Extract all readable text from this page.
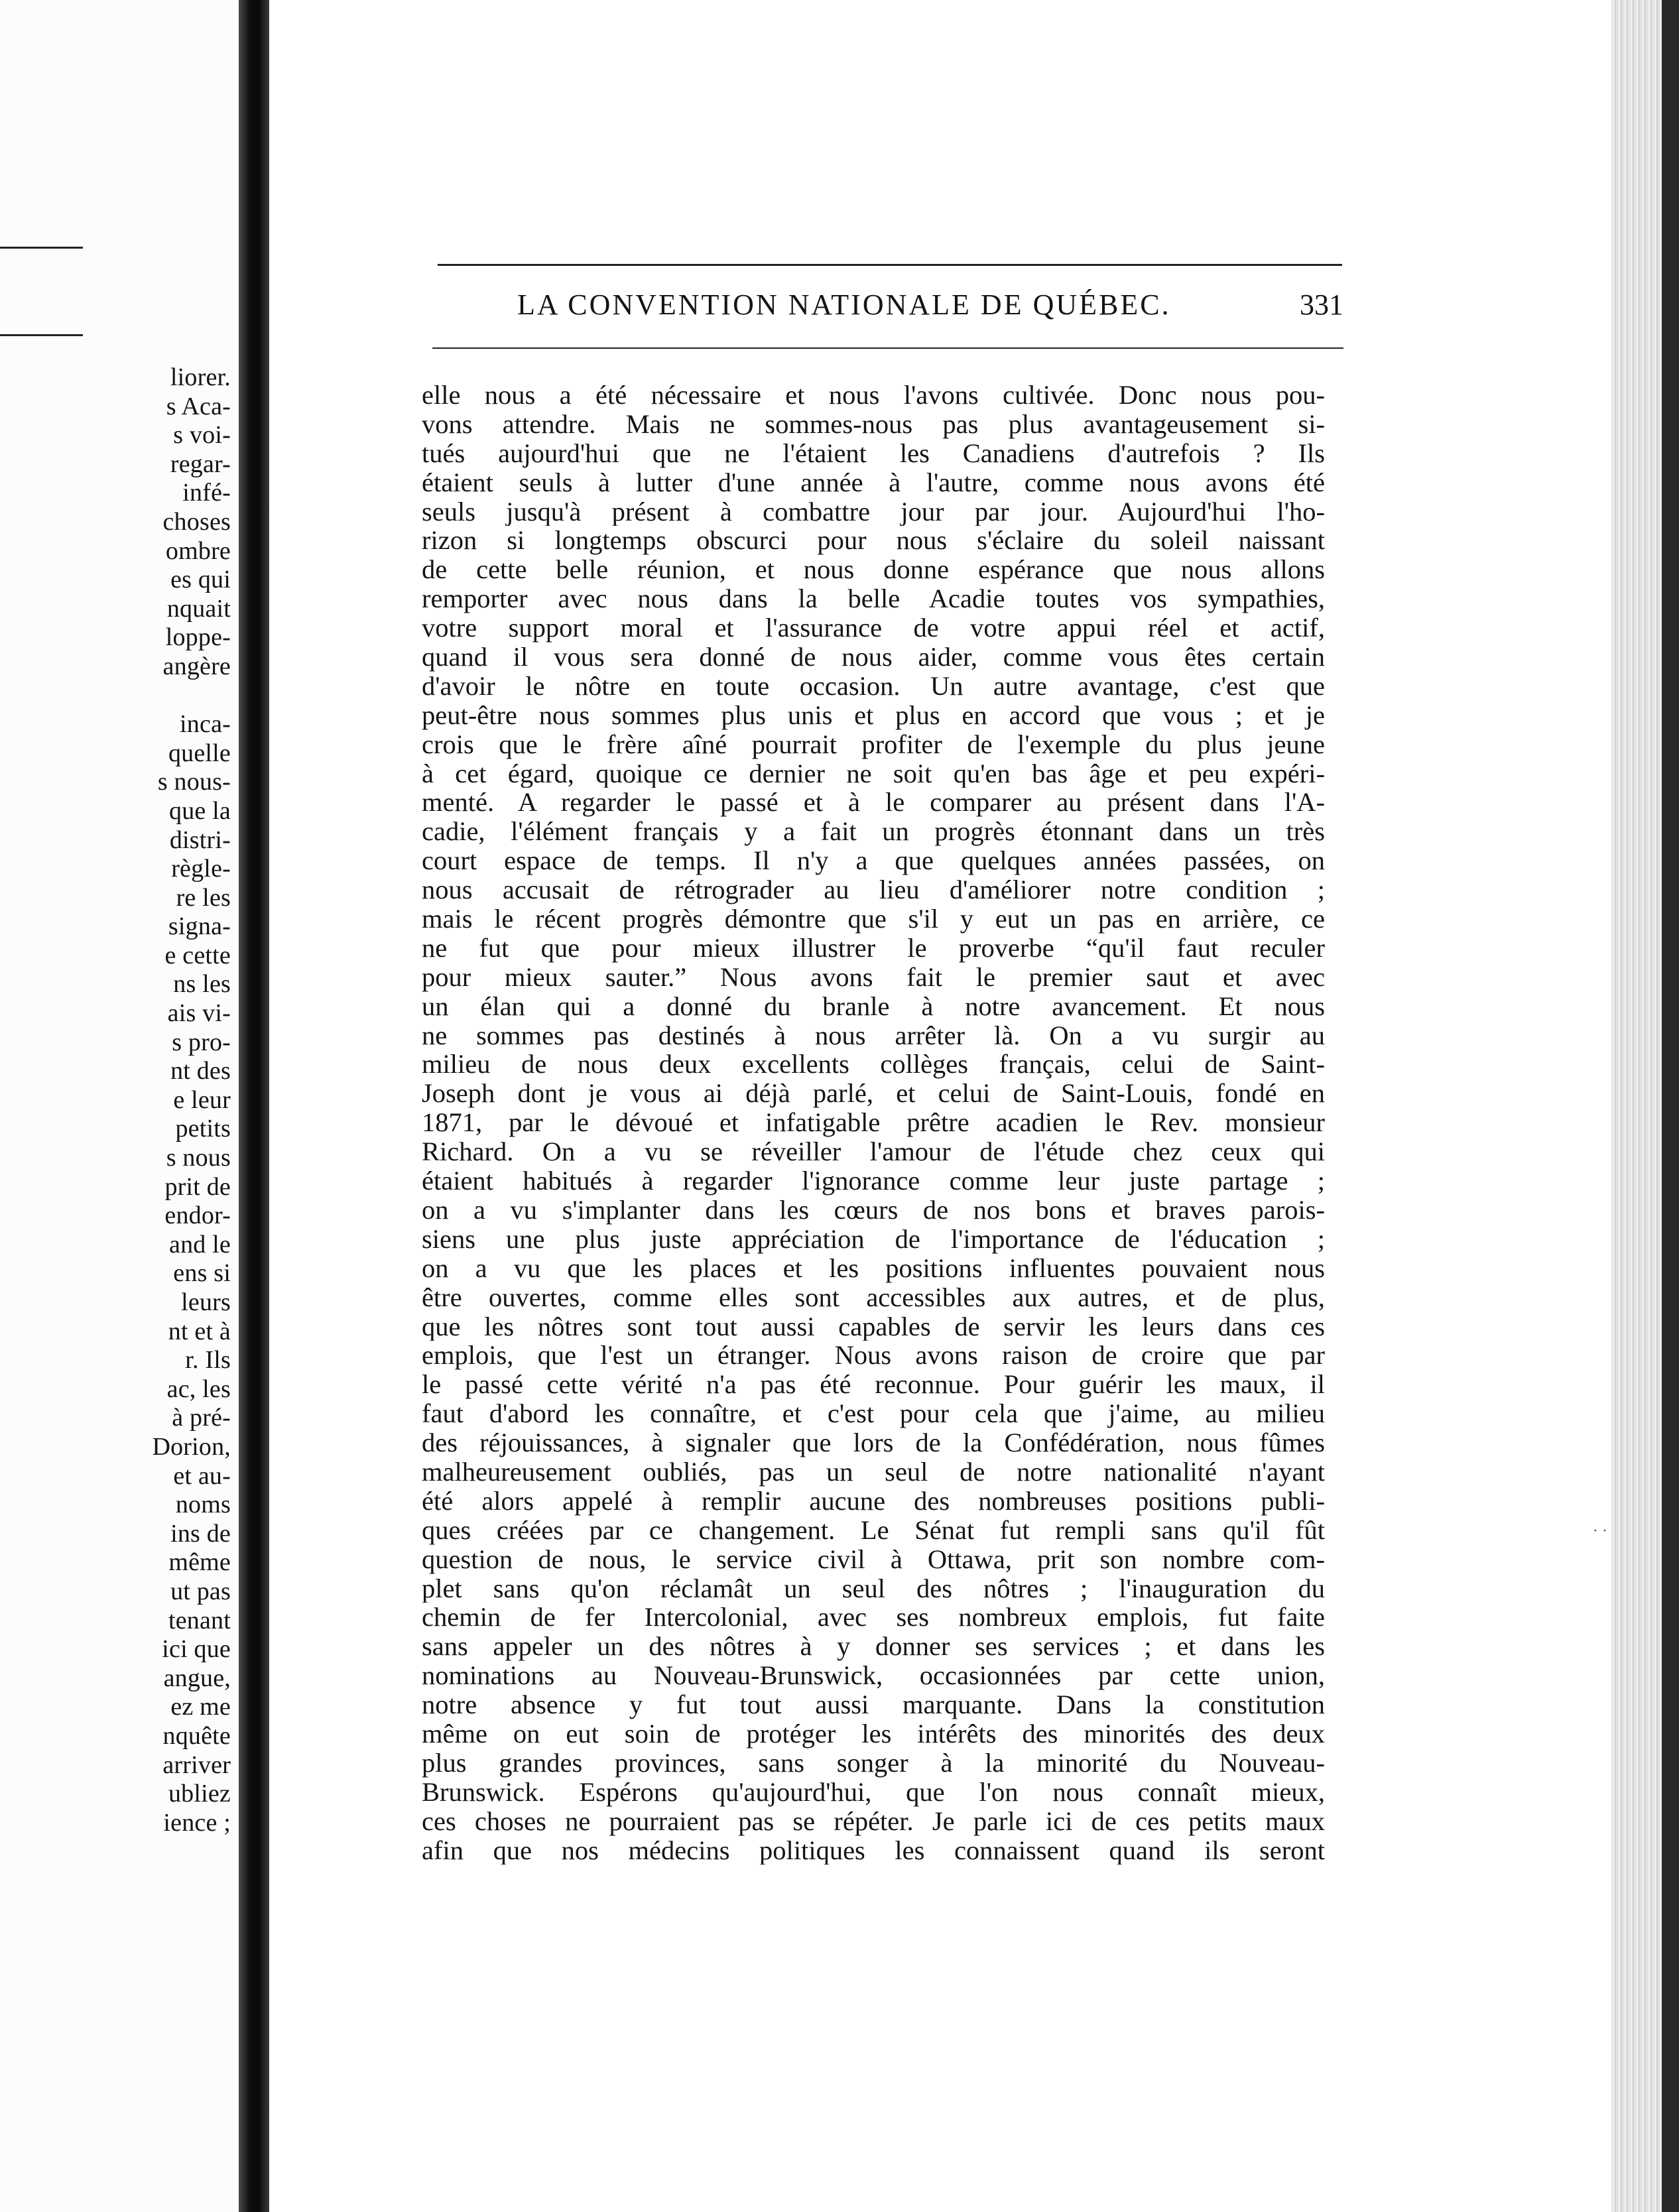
liorer.
s Aca-
s voi-
regar-
infé-
choses
ombre
es qui
nquait
loppe-
angère
inca-
quelle
s nous-
que la
distri-
règle-
re les
signa-
e cette
ns les
ais vi-
s pro-
nt des
e leur
petits
s nous
prit de
endor-
and le
ens si
leurs
nt et à
r. Ils
ac, les
à pré-
Dorion,
et au-
noms
ins de
même
ut pas
tenant
ici que
angue,
ez me
nquête
arriver
ubliez
ience ;
· ·
LA CONVENTION NATIONALE DE QUÉBEC.	331
elle nous a été nécessaire et nous l'avons cultivée. Donc nous pou-
vons attendre. Mais ne sommes-nous pas plus avantageusement si-
tués aujourd'hui que ne l'étaient les Canadiens d'autrefois ? Ils
étaient seuls à lutter d'une année à l'autre, comme nous avons été
seuls jusqu'à présent à combattre jour par jour. Aujourd'hui l'ho-
rizon si longtemps obscurci pour nous s'éclaire du soleil naissant
de cette belle réunion, et nous donne espérance que nous allons
remporter avec nous dans la belle Acadie toutes vos sympathies,
votre support moral et l'assurance de votre appui réel et actif,
quand il vous sera donné de nous aider, comme vous êtes certain
d'avoir le nôtre en toute occasion. Un autre avantage, c'est que
peut-être nous sommes plus unis et plus en accord que vous ; et je
crois que le frère aîné pourrait profiter de l'exemple du plus jeune
à cet égard, quoique ce dernier ne soit qu'en bas âge et peu expéri-
menté. A regarder le passé et à le comparer au présent dans l'A-
cadie, l'élément français y a fait un progrès étonnant dans un très
court espace de temps. Il n'y a que quelques années passées, on
nous accusait de rétrograder au lieu d'améliorer notre condition ;
mais le récent progrès démontre que s'il y eut un pas en arrière, ce
ne fut que pour mieux illustrer le proverbe “qu'il faut reculer
pour mieux sauter.” Nous avons fait le premier saut et avec
un élan qui a donné du branle à notre avancement. Et nous
ne sommes pas destinés à nous arrêter là. On a vu surgir au
milieu de nous deux excellents collèges français, celui de Saint-
Joseph dont je vous ai déjà parlé, et celui de Saint-Louis, fondé en
1871, par le dévoué et infatigable prêtre acadien le Rev. monsieur
Richard. On a vu se réveiller l'amour de l'étude chez ceux qui
étaient habitués à regarder l'ignorance comme leur juste partage ;
on a vu s'implanter dans les cœurs de nos bons et braves parois-
siens une plus juste appréciation de l'importance de l'éducation ;
on a vu que les places et les positions influentes pouvaient nous
être ouvertes, comme elles sont accessibles aux autres, et de plus,
que les nôtres sont tout aussi capables de servir les leurs dans ces
emplois, que l'est un étranger. Nous avons raison de croire que par
le passé cette vérité n'a pas été reconnue. Pour guérir les maux, il
faut d'abord les connaître, et c'est pour cela que j'aime, au milieu
des réjouissances, à signaler que lors de la Confédération, nous fûmes
malheureusement oubliés, pas un seul de notre nationalité n'ayant
été alors appelé à remplir aucune des nombreuses positions publi-
ques créées par ce changement. Le Sénat fut rempli sans qu'il fût
question de nous, le service civil à Ottawa, prit son nombre com-
plet sans qu'on réclamât un seul des nôtres ; l'inauguration du
chemin de fer Intercolonial, avec ses nombreux emplois, fut faite
sans appeler un des nôtres à y donner ses services ; et dans les
nominations au Nouveau-Brunswick, occasionnées par cette union,
notre absence y fut tout aussi marquante. Dans la constitution
même on eut soin de protéger les intérêts des minorités des deux
plus grandes provinces, sans songer à la minorité du Nouveau-
Brunswick. Espérons qu'aujourd'hui, que l'on nous connaît mieux,
ces choses ne pourraient pas se répéter. Je parle ici de ces petits maux
afin que nos médecins politiques les connaissent quand ils seront
